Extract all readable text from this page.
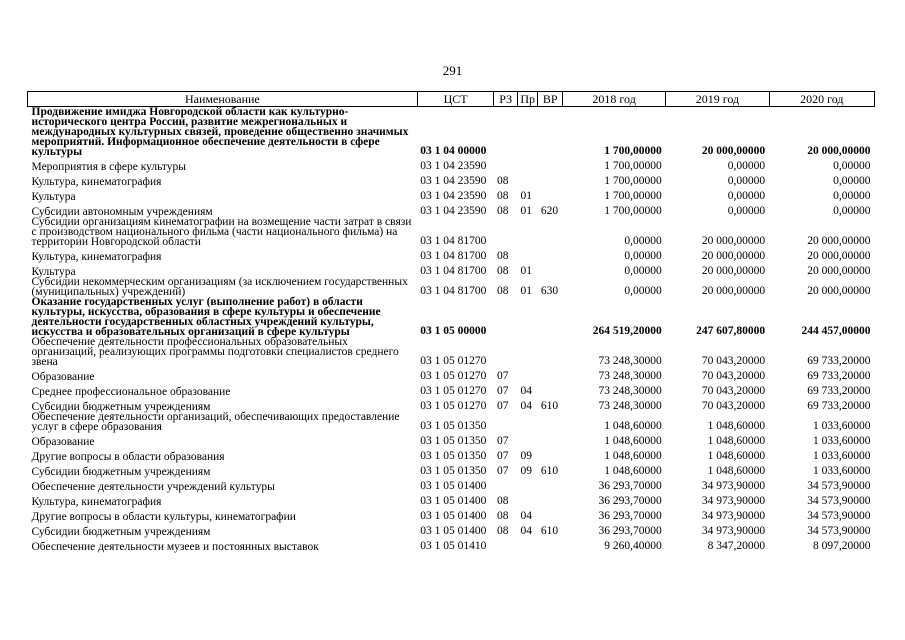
291
Наименование	ЦСТ	РЗ	Пр	ВР	2018 год	2019 год	2020 год
Продвижение имиджа Новгородской области как культурно-исторического центра России, развитие межрегиональных и международных культурных связей, проведение общественно значимых мероприятий. Информационное обеспечение деятельности в сфере культуры	03 1 04 00000				1 700,00000	20 000,00000	20 000,00000
Мероприятия в сфере культуры	03 1 04 23590				1 700,00000	0,00000	0,00000
Культура, кинематография	03 1 04 23590	08			1 700,00000	0,00000	0,00000
Культура	03 1 04 23590	08	01		1 700,00000	0,00000	0,00000
Субсидии автономным учреждениям	03 1 04 23590	08	01	620	1 700,00000	0,00000	0,00000
Субсидии организациям кинематографии на возмещение части затрат в связи с производством национального фильма (части национального фильма) на территории Новгородской области	03 1 04 81700				0,00000	20 000,00000	20 000,00000
Культура, кинематография	03 1 04 81700	08			0,00000	20 000,00000	20 000,00000
Культура	03 1 04 81700	08	01		0,00000	20 000,00000	20 000,00000
Субсидии некоммерческим организациям (за исключением государственных (муниципальных) учреждений)	03 1 04 81700	08	01	630	0,00000	20 000,00000	20 000,00000
Оказание государственных услуг (выполнение работ) в области культуры, искусства, образования в сфере культуры и обеспечение деятельности государственных областных учреждений культуры, искусства и образовательных организаций в сфере культуры	03 1 05 00000				264 519,20000	247 607,80000	244 457,00000
Обеспечение деятельности профессиональных образовательных организаций, реализующих программы подготовки специалистов среднего звена	03 1 05 01270				73 248,30000	70 043,20000	69 733,20000
Образование	03 1 05 01270	07			73 248,30000	70 043,20000	69 733,20000
Среднее профессиональное образование	03 1 05 01270	07	04		73 248,30000	70 043,20000	69 733,20000
Субсидии бюджетным учреждениям	03 1 05 01270	07	04	610	73 248,30000	70 043,20000	69 733,20000
Обеспечение деятельности организаций, обеспечивающих предоставление услуг в сфере образования	03 1 05 01350				1 048,60000	1 048,60000	1 033,60000
Образование	03 1 05 01350	07			1 048,60000	1 048,60000	1 033,60000
Другие вопросы в области образования	03 1 05 01350	07	09		1 048,60000	1 048,60000	1 033,60000
Субсидии бюджетным учреждениям	03 1 05 01350	07	09	610	1 048,60000	1 048,60000	1 033,60000
Обеспечение деятельности учреждений культуры	03 1 05 01400				36 293,70000	34 973,90000	34 573,90000
Культура, кинематография	03 1 05 01400	08			36 293,70000	34 973,90000	34 573,90000
Другие вопросы в области культуры, кинематографии	03 1 05 01400	08	04		36 293,70000	34 973,90000	34 573,90000
Субсидии бюджетным учреждениям	03 1 05 01400	08	04	610	36 293,70000	34 973,90000	34 573,90000
Обеспечение деятельности музеев и постоянных выставок	03 1 05 01410				9 260,40000	8 347,20000	8 097,20000
